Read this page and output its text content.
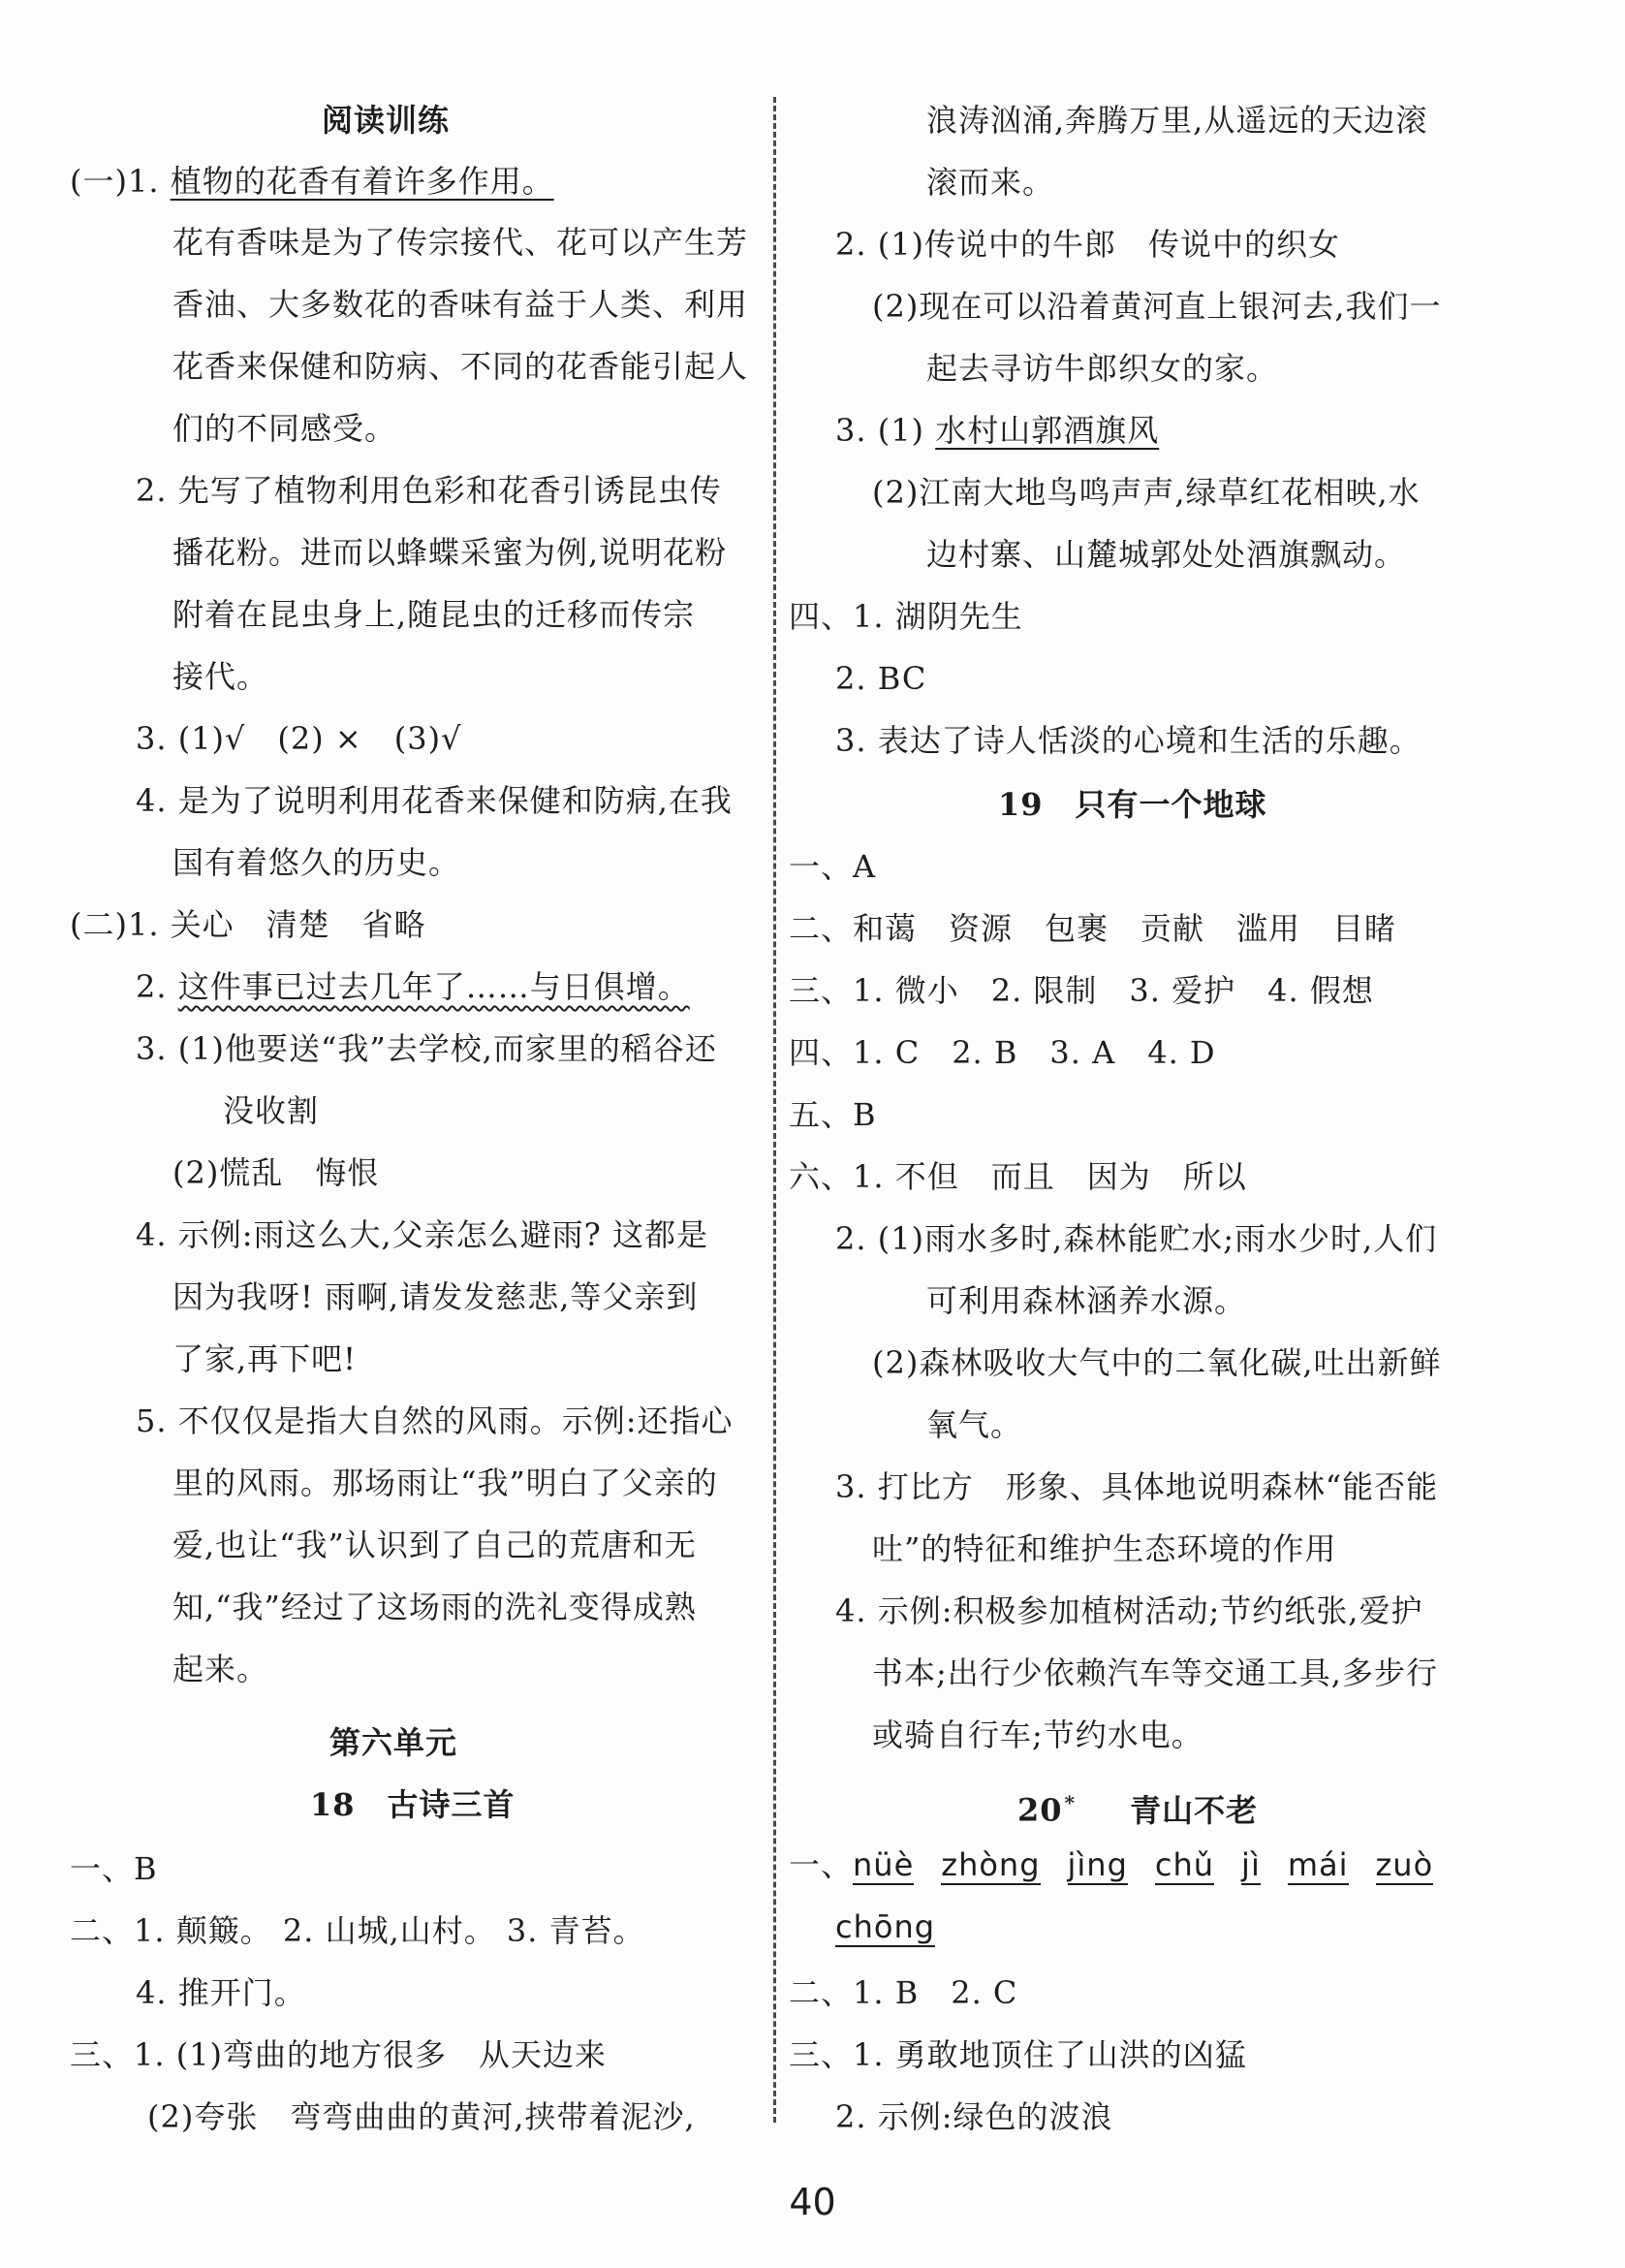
阅读训练
(一)1. 植物的花香有着许多作用。
花有香味是为了传宗接代、花可以产生芳
香油、大多数花的香味有益于人类、利用
花香来保健和防病、不同的花香能引起人
们的不同感受。
2. 先写了植物利用色彩和花香引诱昆虫传
播花粉。进而以蜂蝶采蜜为例,说明花粉
附着在昆虫身上,随昆虫的迁移而传宗
接代。
3. (1)√　(2) ×　(3)√
4. 是为了说明利用花香来保健和防病,在我
国有着悠久的历史。
(二)1. 关心　清楚　省略
2. 这件事已过去几年了……与日俱增。
3. (1)他要送“我”去学校,而家里的稻谷还
没收割
(2)慌乱　悔恨
4. 示例:雨这么大,父亲怎么避雨? 这都是
因为我呀! 雨啊,请发发慈悲,等父亲到
了家,再下吧!
5. 不仅仅是指大自然的风雨。示例:还指心
里的风雨。那场雨让“我”明白了父亲的
爱,也让“我”认识到了自己的荒唐和无
知,“我”经过了这场雨的洗礼变得成熟
起来。
第六单元
18　古诗三首
一、B
二、1. 颠簸。 2. 山城,山村。 3. 青苔。
4. 推开门。
三、1. (1)弯曲的地方很多　从天边来
(2)夸张　弯弯曲曲的黄河,挟带着泥沙,
浪涛汹涌,奔腾万里,从遥远的天边滚
滚而来。
2. (1)传说中的牛郎　传说中的织女
(2)现在可以沿着黄河直上银河去,我们一
起去寻访牛郎织女的家。
3. (1) 水村山郭酒旗风
(2)江南大地鸟鸣声声,绿草红花相映,水
边村寨、山麓城郭处处酒旗飘动。
四、1. 湖阴先生
2. BC
3. 表达了诗人恬淡的心境和生活的乐趣。
19　只有一个地球
一、A
二、和蔼　资源　包裹　贡献　滥用　目睹
三、1. 微小　2. 限制　3. 爱护　4. 假想
四、1. C　2. B　3. A　4. D
五、B
六、1. 不但　而且　因为　所以
2. (1)雨水多时,森林能贮水;雨水少时,人们
可利用森林涵养水源。
(2)森林吸收大气中的二氧化碳,吐出新鲜
氧气。
3. 打比方　形象、具体地说明森林“能否能
吐”的特征和维护生态环境的作用
4. 示例:积极参加植树活动;节约纸张,爱护
书本;出行少依赖汽车等交通工具,多步行
或骑自行车;节约水电。
20 * 青山不老
一、nüè zhòng jìng chǔ jì mái zuò
chōng
二、1. B　2. C
三、1. 勇敢地顶住了山洪的凶猛
2. 示例:绿色的波浪
40
